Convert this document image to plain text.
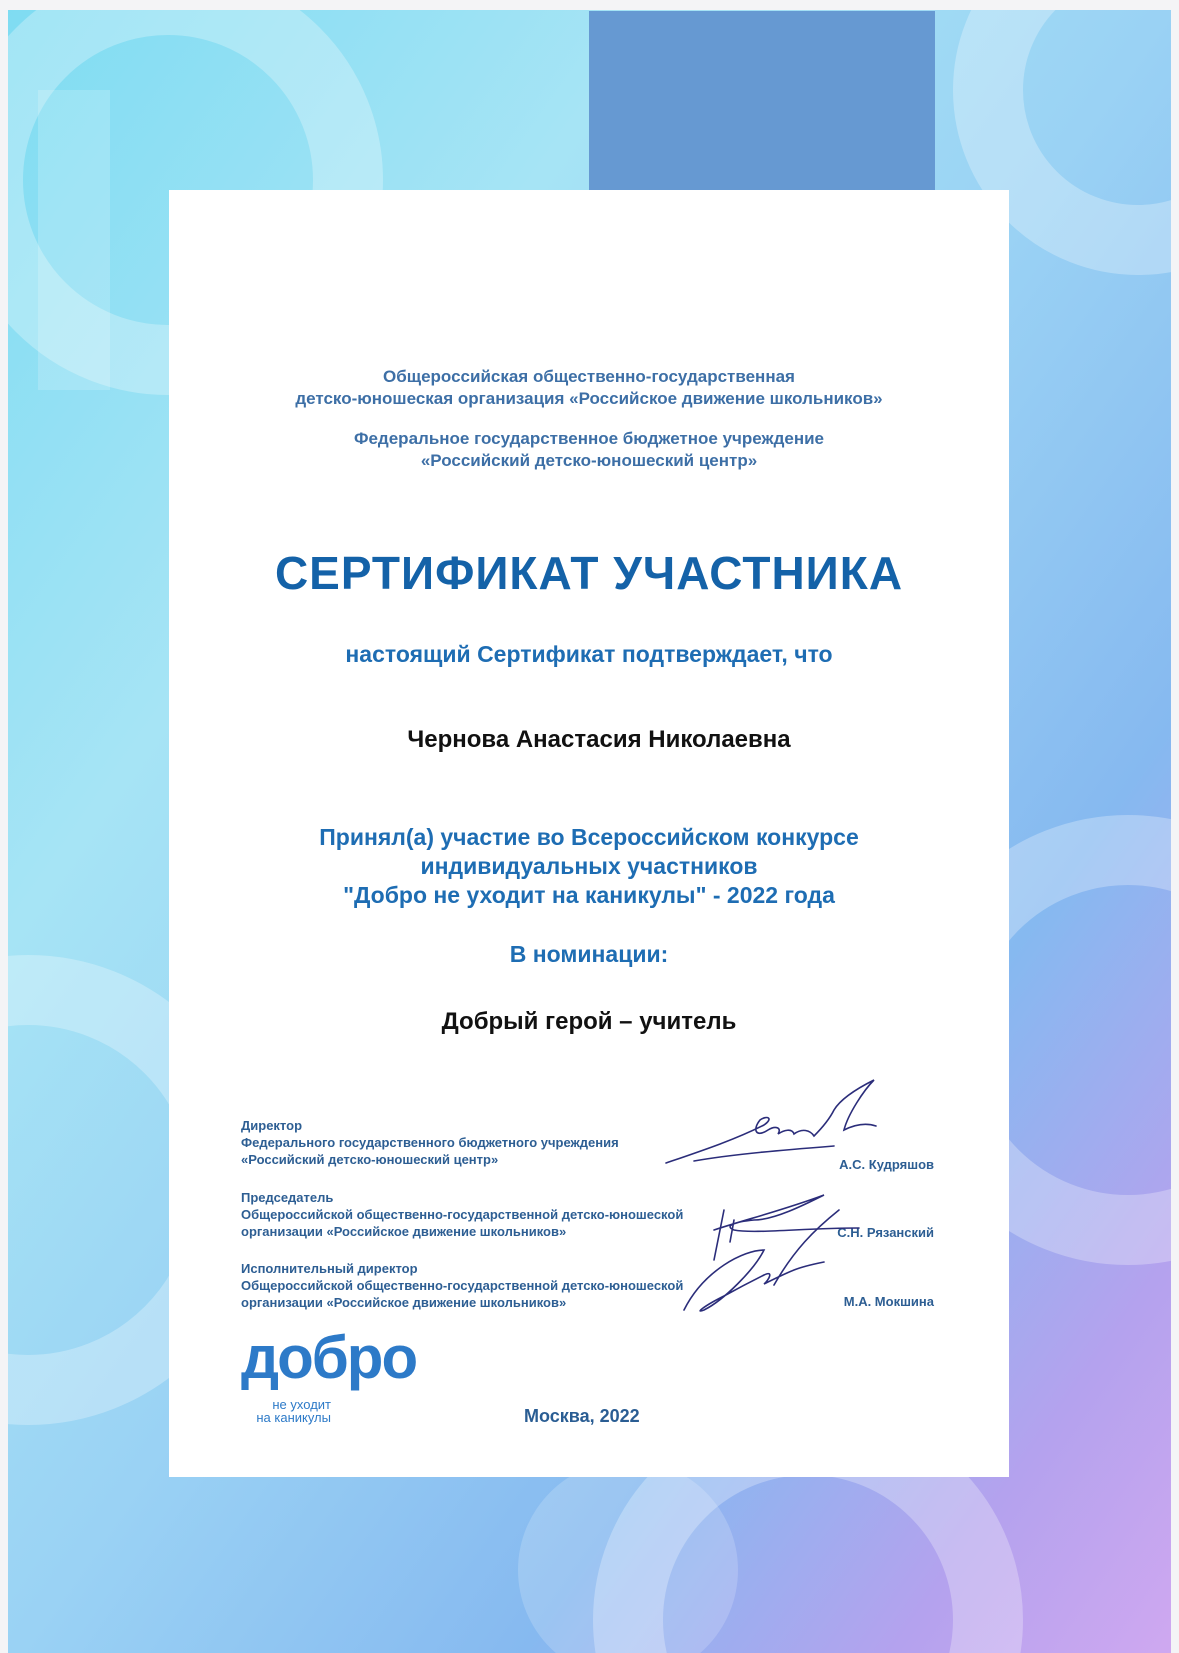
Общероссийская общественно-государственная
детско-юношеская организация «Российское движение школьников»
Федеральное государственное бюджетное учреждение
«Российский детско-юношеский центр»
СЕРТИФИКАТ УЧАСТНИКА
настоящий Сертификат подтверждает, что
Чернова Анастасия Николаевна
Принял(а) участие во Всероссийском конкурсе
индивидуальных участников
"Добро не уходит на каникулы" - 2022 года
В номинации:
Добрый герой – учитель
Директор
Федерального государственного бюджетного учреждения
«Российский детско-юношеский центр»	А.С. Кудряшов
Председатель
Общероссийской общественно-государственной детско-юношеской
организации «Российское движение школьников»	С.Н. Рязанский
Исполнительный директор
Общероссийской общественно-государственной детско-юношеской
организации «Российское движение школьников»	М.А. Мокшина
добро
не уходит
на каникулы	Москва, 2022
